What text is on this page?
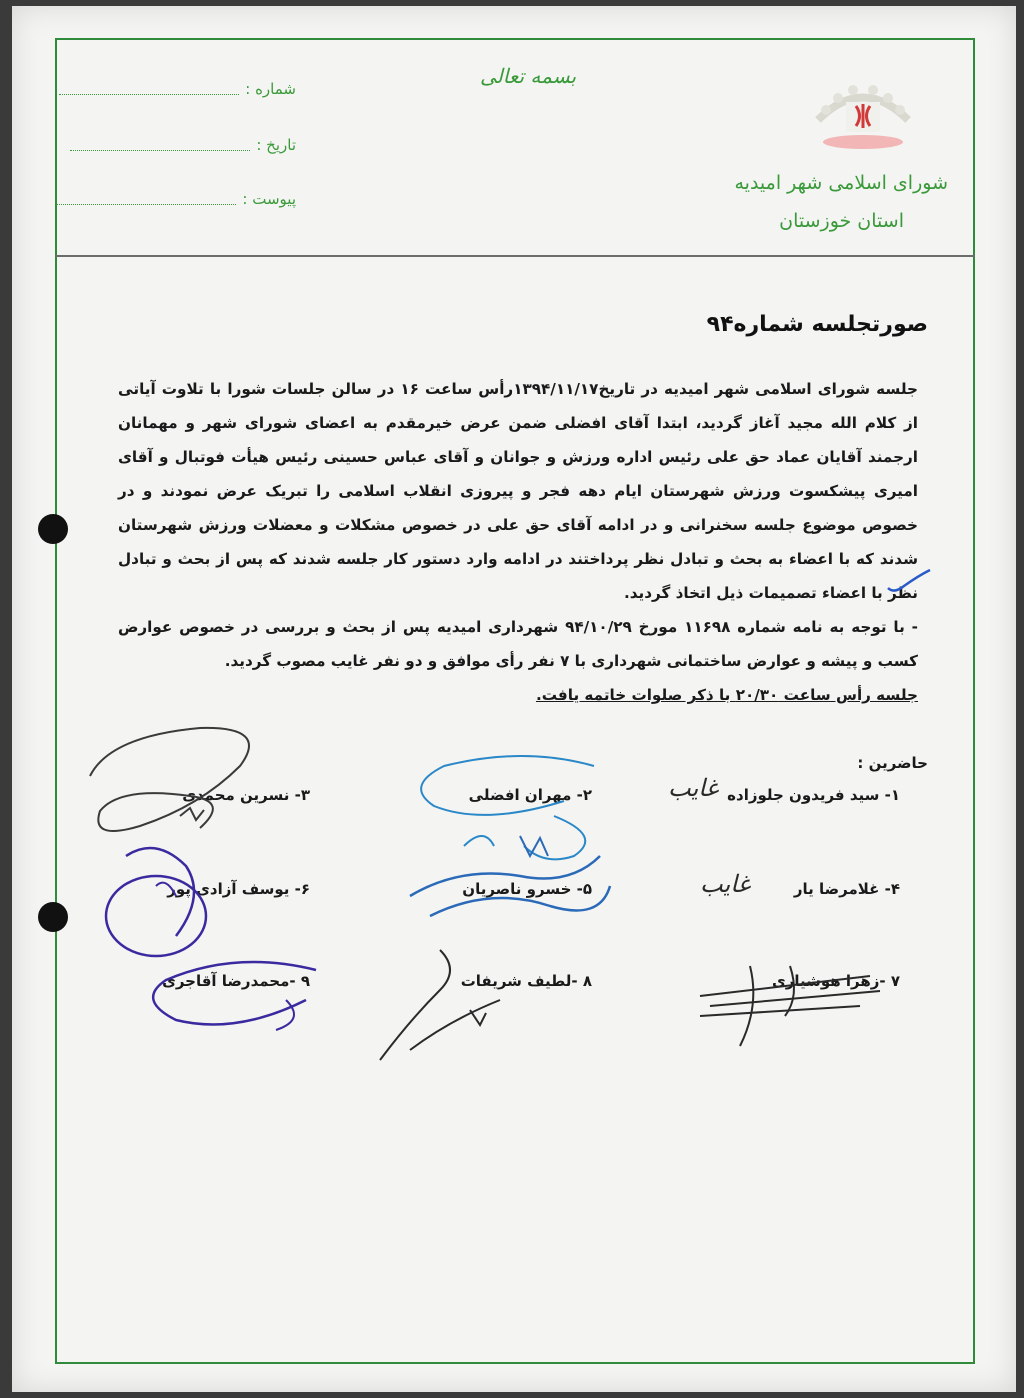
شماره :
تاریخ :
پیوست :
بسمه تعالی
شورای اسلامی شهر امیدیه
استان خوزستان
صورتجلسه شماره۹۴

جلسه شورای اسلامی شهر امیدیه در تاریخ۱۳۹۴/۱۱/۱۷رأس ساعت ۱۶ در سالن جلسات شورا با تلاوت آیاتی از کلام الله مجید آغاز گردید، ابتدا آقای افضلی ضمن عرض خیرمقدم به اعضای شورای شهر و مهمانان ارجمند آقایان عماد حق علی رئیس اداره ورزش و جوانان و آقای عباس حسینی رئیس هیأت فوتبال و آقای امیری پیشکسوت ورزش شهرستان ایام دهه فجر و پیروزی انقلاب اسلامی را تبریک عرض نمودند و در خصوص موضوع جلسه سخنرانی و در ادامه آقای حق علی در خصوص مشکلات و معضلات ورزش شهرستان شدند که با اعضاء به بحث و تبادل نظر پرداختند در ادامه وارد دستور کار جلسه شدند که پس از بحث و تبادل نظر با اعضاء تصمیمات ذیل اتخاذ گردید.

- با توجه به نامه شماره ۱۱۶۹۸ مورخ ۹۴/۱۰/۲۹ شهرداری امیدیه پس از بحث و بررسی در خصوص عوارض کسب و پیشه و عوارض ساختمانی شهرداری با ۷ نفر رأی موافق و دو نفر غایب مصوب گردید.

جلسه رأس ساعت ۲۰/۳۰ با ذکر صلوات خاتمه یافت.

حاضرین :
۱- سید فریدون جلوزاده
۲- مهران افضلی
۳- نسرین محمدی
۴- غلامرضا یار
۵- خسرو ناصریان
۶- یوسف آزادی پور
۷ -زهرا هوشیاری
۸ -لطیف شریفات
۹ -محمدرضا آقاجری
غایب
غایب
